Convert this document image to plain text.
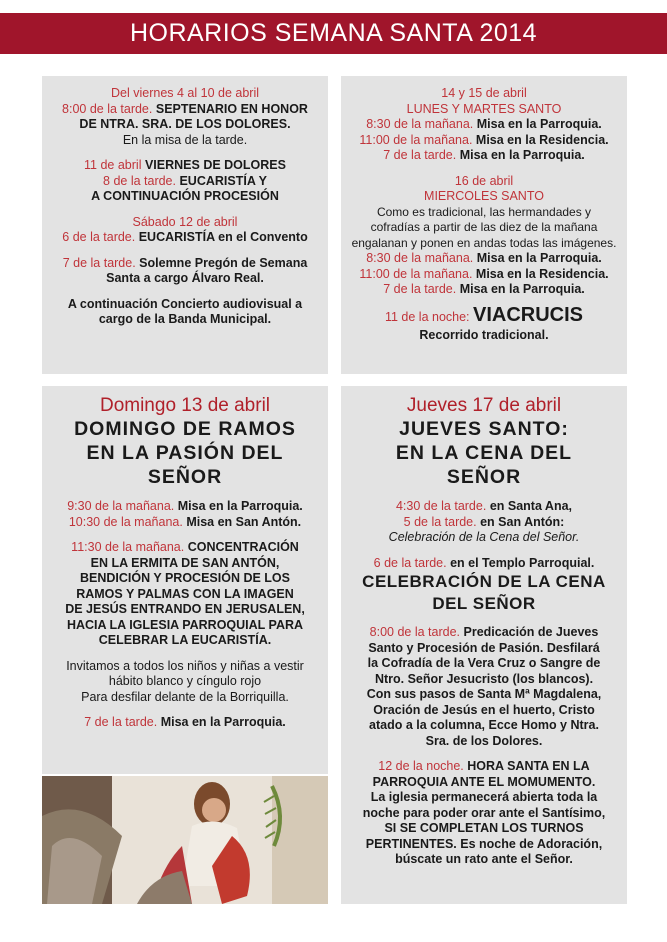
HORARIOS SEMANA SANTA 2014
Del viernes 4 al 10 de abril
8:00 de la tarde. SEPTENARIO EN HONOR
DE NTRA. SRA. DE LOS DOLORES.
En la misa de la tarde.
11 de abril VIERNES DE DOLORES
8 de la tarde. EUCARISTÍA Y
A CONTINUACIÓN PROCESIÓN
Sábado 12 de abril
6 de la tarde. EUCARISTÍA en el Convento
7 de la tarde. Solemne Pregón de Semana
Santa a cargo Álvaro Real.
A continuación Concierto audiovisual a
cargo de la Banda Municipal.
14 y 15 de abril
LUNES Y MARTES SANTO
8:30 de la mañana. Misa en la Parroquia.
11:00 de la mañana. Misa en la Residencia.
7 de la tarde. Misa en la Parroquia.
16 de abril
MIERCOLES SANTO
Como es tradicional, las hermandades y
cofradías a partir de las diez de la mañana
engalanan y ponen en andas todas las imágenes.
8:30 de la mañana. Misa en la Parroquia.
11:00 de la mañana. Misa en la Residencia.
7 de la tarde. Misa en la Parroquia.
11 de la noche: VIACRUCIS
Recorrido tradicional.
Domingo 13 de abril
DOMINGO DE RAMOS
EN LA PASIÓN DEL
SEÑOR
9:30 de la mañana. Misa en la Parroquia.
10:30 de la mañana. Misa en San Antón.
11:30 de la mañana. CONCENTRACIÓN
EN LA ERMITA DE SAN ANTÓN,
BENDICIÓN Y PROCESIÓN DE LOS
RAMOS Y PALMAS CON LA IMAGEN
DE JESÚS ENTRANDO EN JERUSALEN,
HACIA LA IGLESIA PARROQUIAL PARA
CELEBRAR LA EUCARISTÍA.
Invitamos a todos los niños y niñas a vestir
hábito blanco y cíngulo rojo
Para desfilar delante de la Borriquilla.
7 de la tarde. Misa en la Parroquia.
Jueves 17 de abril
JUEVES SANTO:
EN LA CENA DEL
SEÑOR
4:30 de la tarde. en Santa Ana,
5 de la tarde. en San Antón:
Celebración de la Cena del Señor.
6 de la tarde. en el Templo Parroquial.
CELEBRACIÓN DE LA CENA
DEL SEÑOR
8:00 de la tarde. Predicación de Jueves
Santo y Procesión de Pasión. Desfilará
la Cofradía de la Vera Cruz o Sangre de
Ntro. Señor Jesucristo (los blancos).
Con sus pasos de Santa Mª Magdalena,
Oración de Jesús en el huerto, Cristo
atado a la columna, Ecce Homo y Ntra.
Sra. de los Dolores.
12 de la noche. HORA SANTA EN LA
PARROQUIA ANTE EL MOMUMENTO.
La iglesia permanecerá abierta toda la
noche para poder orar ante el Santísimo,
SI SE COMPLETAN LOS TURNOS
PERTINENTES. Es noche de Adoración,
búscate un rato ante el Señor.
